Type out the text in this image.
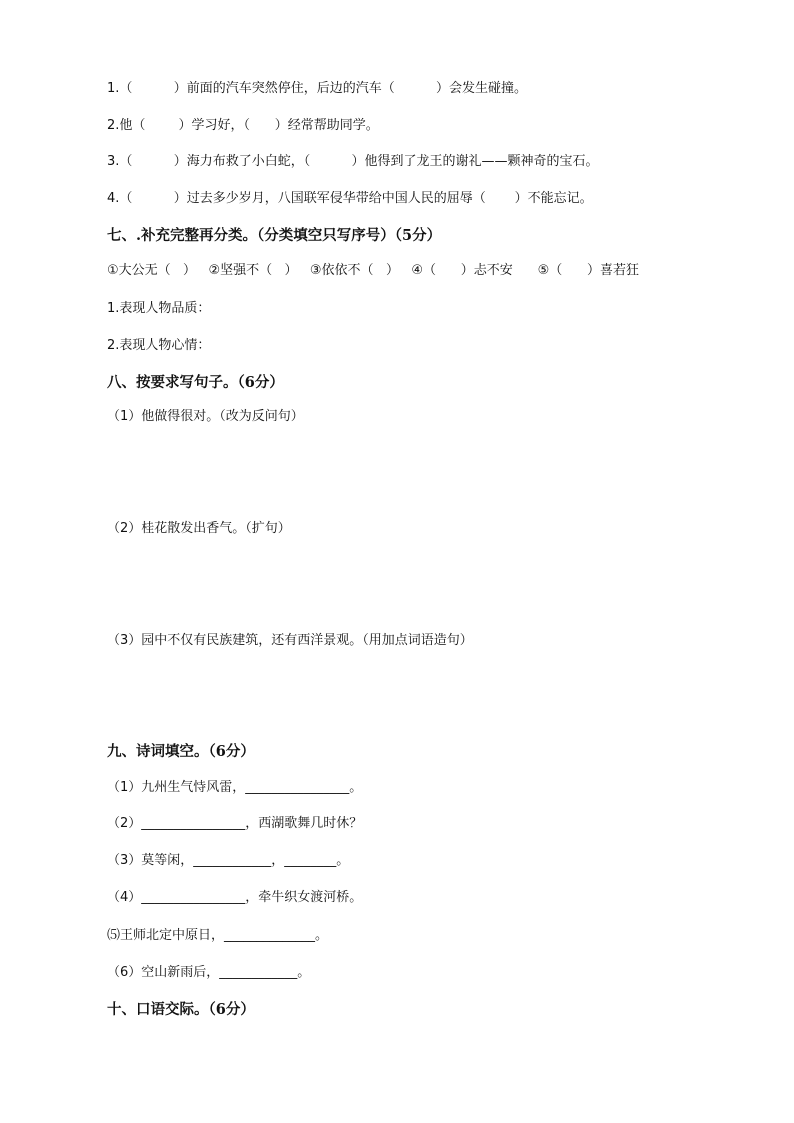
1.（          ）前面的汽车突然停住，后边的汽车（          ）会发生碰撞。
2.他（        ）学习好，（      ）经常帮助同学。
3.（          ）海力布救了小白蛇，（          ）他得到了龙王的谢礼——颗神奇的宝石。
4.（          ）过去多少岁月，八国联军侵华带给中国人民的屈辱（       ）不能忘记。
七、.补充完整再分类。（分类填空只写序号）（5分）
①大公无（   ）   ②坚强不（   ）   ③依依不（   ）   ④（      ）忐不安      ⑤（      ）喜若狂
1.表现人物品质：
2.表现人物心情：
八、按要求写句子。（6分）
（1）他做得很对。（改为反问句）
（2）桂花散发出香气。（扩句）
（3）园中不仅有民族建筑，还有西洋景观。（用加点词语造句）
九、诗词填空。（6分）
（1）九州生气恃风雷，________________。
（2）________________，西湖歌舞几时休？
（3）莫等闲，____________，________。
（4）________________，牵牛织女渡河桥。
⑸王师北定中原日，______________。
（6）空山新雨后，____________。
十、口语交际。（6分）
